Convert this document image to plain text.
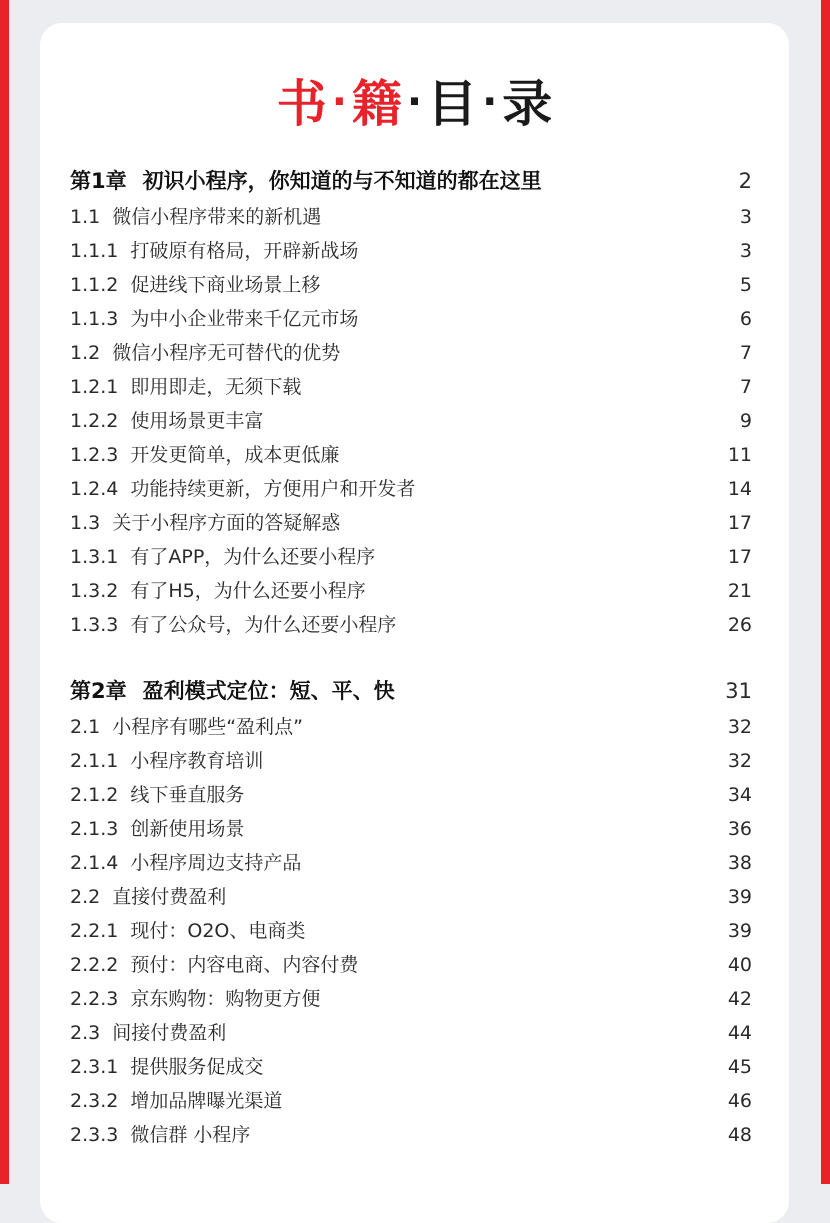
书 ·籍 ·目 ·录
第1章 初识小程序，你知道的与不知道的都在这里	2
1.1 微信小程序带来的新机遇	3
1.1.1 打破原有格局，开辟新战场	3
1.1.2 促进线下商业场景上移	5
1.1.3 为中小企业带来千亿元市场	6
1.2 微信小程序无可替代的优势	7
1.2.1 即用即走，无须下载	7
1.2.2 使用场景更丰富	9
1.2.3 开发更简单，成本更低廉	11
1.2.4 功能持续更新，方便用户和开发者	14
1.3 关于小程序方面的答疑解惑	17
1.3.1 有了APP，为什么还要小程序	17
1.3.2 有了H5，为什么还要小程序	21
1.3.3 有了公众号，为什么还要小程序	26
第2章 盈利模式定位：短、平、快	31
2.1 小程序有哪些“盈利点”	32
2.1.1 小程序教育培训	32
2.1.2 线下垂直服务	34
2.1.3 创新使用场景	36
2.1.4 小程序周边支持产品	38
2.2 直接付费盈利	39
2.2.1 现付：O2O、电商类	39
2.2.2 预付：内容电商、内容付费	40
2.2.3 京东购物：购物更方便	42
2.3 间接付费盈利	44
2.3.1 提供服务促成交	45
2.3.2 增加品牌曝光渠道	46
2.3.3 微信群 小程序	48
